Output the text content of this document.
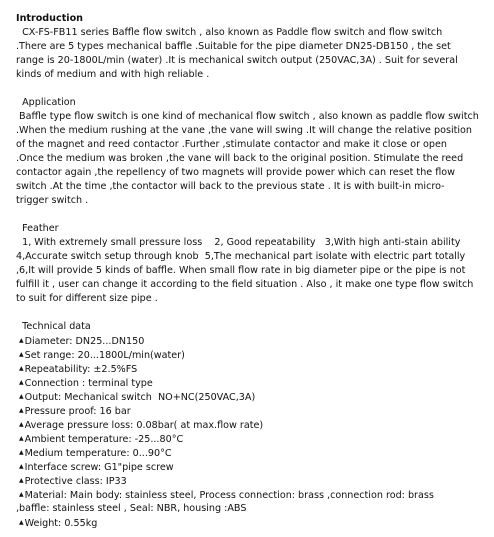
Introduction
CX-FS-FB11 series Baffle flow switch , also known as Paddle flow switch and flow switch
.There are 5 types mechanical baffle .Suitable for the pipe diameter DN25-DB150 , the set
range is 20-1800L/min (water) .It is mechanical switch output (250VAC,3A) . Suit for several
kinds of medium and with high reliable .
Application
Baffle type flow switch is one kind of mechanical flow switch , also known as paddle flow switch
.When the medium rushing at the vane ,the vane will swing .It will change the relative position
of the magnet and reed contactor .Further ,stimulate contactor and make it close or open
.Once the medium was broken ,the vane will back to the original position. Stimulate the reed
contactor again ,the repellency of two magnets will provide power which can reset the flow
switch .At the time ,the contactor will back to the previous state . It is with built-in micro-
trigger switch .
Feather
1, With extremely small pressure loss    2, Good repeatability   3,With high anti-stain ability
4,Accurate switch setup through knob  5,The mechanical part isolate with electric part totally
,6,It will provide 5 kinds of baffle. When small flow rate in big diameter pipe or the pipe is not
fulfill it , user can change it according to the field situation . Also , it make one type flow switch
to suit for different size pipe .
Technical data
▲Diameter: DN25...DN150
▲Set range: 20...1800L/min(water)
▲Repeatability: ±2.5%FS
▲Connection : terminal type
▲Output: Mechanical switch  NO+NC(250VAC,3A)
▲Pressure proof: 16 bar
▲Average pressure loss: 0.08bar( at max.flow rate)
▲Ambient temperature: -25...80°C
▲Medium temperature: 0...90°C
▲Interface screw: G1"pipe screw
▲Protective class: IP33
▲Material: Main body: stainless steel, Process connection: brass ,connection rod: brass
,baffle: stainless steel , Seal: NBR, housing :ABS
▲Weight: 0.55kg
